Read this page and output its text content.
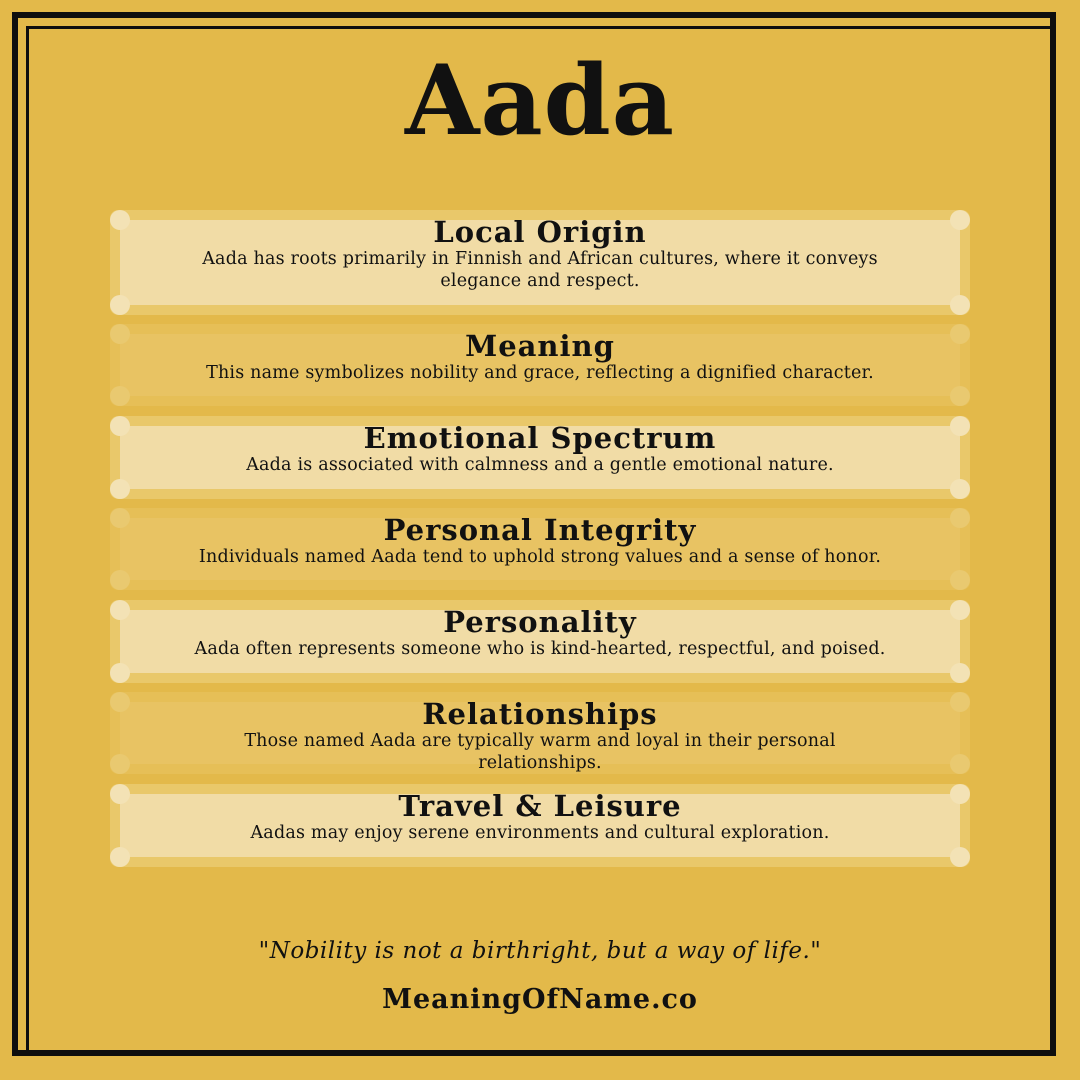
Aada
Local Origin
Aada has roots primarily in Finnish and African cultures, where it conveys elegance and respect.
Meaning
This name symbolizes nobility and grace, reflecting a dignified character.
Emotional Spectrum
Aada is associated with calmness and a gentle emotional nature.
Personal Integrity
Individuals named Aada tend to uphold strong values and a sense of honor.
Personality
Aada often represents someone who is kind-hearted, respectful, and poised.
Relationships
Those named Aada are typically warm and loyal in their personal relationships.
Travel & Leisure
Aadas may enjoy serene environments and cultural exploration.
"Nobility is not a birthright, but a way of life."
MeaningOfName.co
